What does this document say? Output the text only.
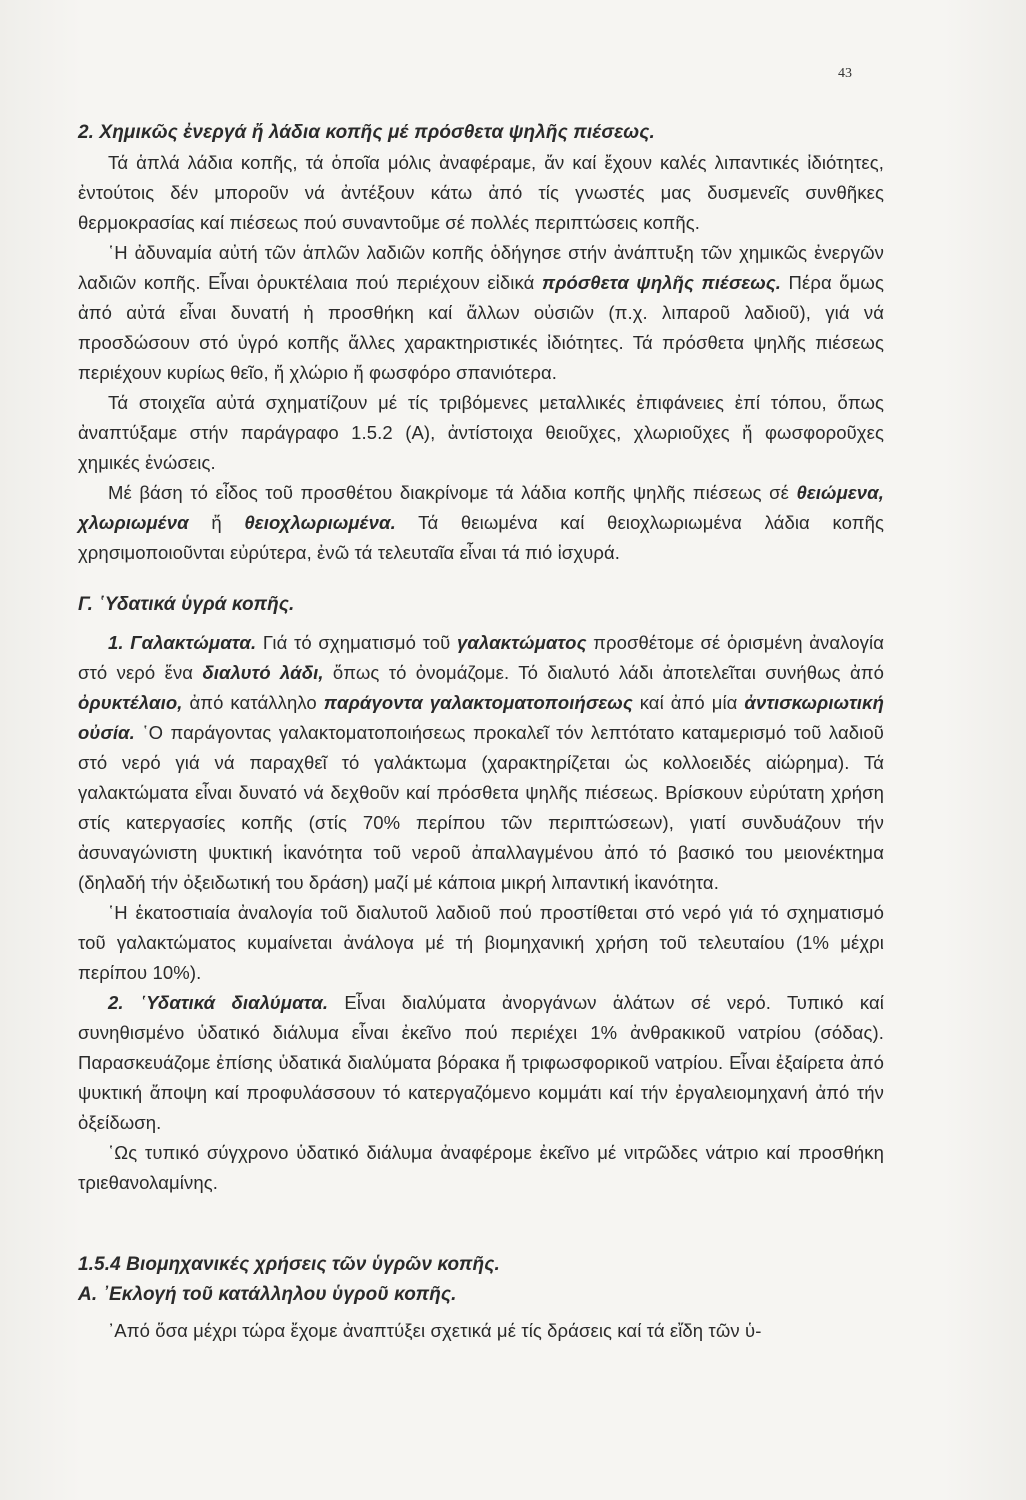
43

2. Χημικῶς ἐνεργά ἤ λάδια κοπῆς μέ πρόσθετα ψηλῆς πιέσεως.

Τά ἁπλά λάδια κοπῆς, τά ὁποῖα μόλις ἀναφέραμε, ἄν καί ἔχουν καλές λιπαντικές ἰδιότητες, ἐντούτοις δέν μποροῦν νά ἀντέξουν κάτω ἀπό τίς γνωστές μας δυσμενεῖς συνθῆκες θερμοκρασίας καί πιέσεως πού συναντοῦμε σέ πολλές περιπτώσεις κοπῆς.

῾Η ἀδυναμία αὐτή τῶν ἁπλῶν λαδιῶν κοπῆς ὁδήγησε στήν ἀνάπτυξη τῶν χημικῶς ἐνεργῶν λαδιῶν κοπῆς. Εἶναι ὀρυκτέλαια πού περιέχουν εἰδικά πρόσθετα ψηλῆς πιέσεως. Πέρα ὅμως ἀπό αὐτά εἶναι δυνατή ἡ προσθήκη καί ἄλλων οὐσιῶν (π.χ. λιπαροῦ λαδιοῦ), γιά νά προσδώσουν στό ὑγρό κοπῆς ἄλλες χαρακτηριστικές ἰδιότητες. Τά πρόσθετα ψηλῆς πιέσεως περιέχουν κυρίως θεῖο, ἤ χλώριο ἤ φωσφόρο σπανιότερα.

Τά στοιχεῖα αὐτά σχηματίζουν μέ τίς τριβόμενες μεταλλικές ἐπιφάνειες ἐπί τόπου, ὅπως ἀναπτύξαμε στήν παράγραφο 1.5.2 (Α), ἀντίστοιχα θειοῦχες, χλωριοῦχες ἤ φωσφοροῦχες χημικές ἑνώσεις.

Μέ βάση τό εἶδος τοῦ προσθέτου διακρίνομε τά λάδια κοπῆς ψηλῆς πιέσεως σέ θειώμενα, χλωριωμένα ἤ θειοχλωριωμένα. Τά θειωμένα καί θειοχλωριωμένα λάδια κοπῆς χρησιμοποιοῦνται εὐρύτερα, ἐνῶ τά τελευταῖα εἶναι τά πιό ἰσχυρά.

Γ. ῾Υδατικά ὑγρά κοπῆς.

1. Γαλακτώματα. Γιά τό σχηματισμό τοῦ γαλακτώματος προσθέτομε σέ ὁρισμένη ἀναλογία στό νερό ἕνα διαλυτό λάδι, ὅπως τό ὀνομάζομε. Τό διαλυτό λάδι ἀποτελεῖται συνήθως ἀπό ὀρυκτέλαιο, ἀπό κατάλληλο παράγοντα γαλακτοματοποιήσεως καί ἀπό μία ἀντισκωριωτική οὐσία. ῾Ο παράγοντας γαλακτοματοποιήσεως προκαλεῖ τόν λεπτότατο καταμερισμό τοῦ λαδιοῦ στό νερό γιά νά παραχθεῖ τό γαλάκτωμα (χαρακτηρίζεται ὡς κολλοειδές αἰώρημα). Τά γαλακτώματα εἶναι δυνατό νά δεχθοῦν καί πρόσθετα ψηλῆς πιέσεως. Βρίσκουν εὐρύτατη χρήση στίς κατεργασίες κοπῆς (στίς 70% περίπου τῶν περιπτώσεων), γιατί συνδυάζουν τήν ἀσυναγώνιστη ψυκτική ἱκανότητα τοῦ νεροῦ ἀπαλλαγμένου ἀπό τό βασικό του μειονέκτημα (δηλαδή τήν ὀξειδωτική του δράση) μαζί μέ κάποια μικρή λιπαντική ἱκανότητα.

῾Η ἑκατοστιαία ἀναλογία τοῦ διαλυτοῦ λαδιοῦ πού προστίθεται στό νερό γιά τό σχηματισμό τοῦ γαλακτώματος κυμαίνεται ἀνάλογα μέ τή βιομηχανική χρήση τοῦ τελευταίου (1% μέχρι περίπου 10%).

2. ῾Υδατικά διαλύματα. Εἶναι διαλύματα ἀνοργάνων ἁλάτων σέ νερό. Τυπικό καί συνηθισμένο ὑδατικό διάλυμα εἶναι ἐκεῖνο πού περιέχει 1% ἀνθρακικοῦ νατρίου (σόδας). Παρασκευάζομε ἐπίσης ὑδατικά διαλύματα βόρακα ἤ τριφωσφορικοῦ νατρίου. Εἶναι ἐξαίρετα ἀπό ψυκτική ἄποψη καί προφυλάσσουν τό κατεργαζόμενο κομμάτι καί τήν ἐργαλειομηχανή ἀπό τήν ὀξείδωση.

῾Ως τυπικό σύγχρονο ὑδατικό διάλυμα ἀναφέρομε ἐκεῖνο μέ νιτρῶδες νάτριο καί προσθήκη τριεθανολαμίνης.

1.5.4 Βιομηχανικές χρήσεις τῶν ὑγρῶν κοπῆς.

Α. ᾿Εκλογή τοῦ κατάλληλου ὑγροῦ κοπῆς.

᾿Από ὅσα μέχρι τώρα ἔχομε ἀναπτύξει σχετικά μέ τίς δράσεις καί τά εἴδη τῶν ὑ-
